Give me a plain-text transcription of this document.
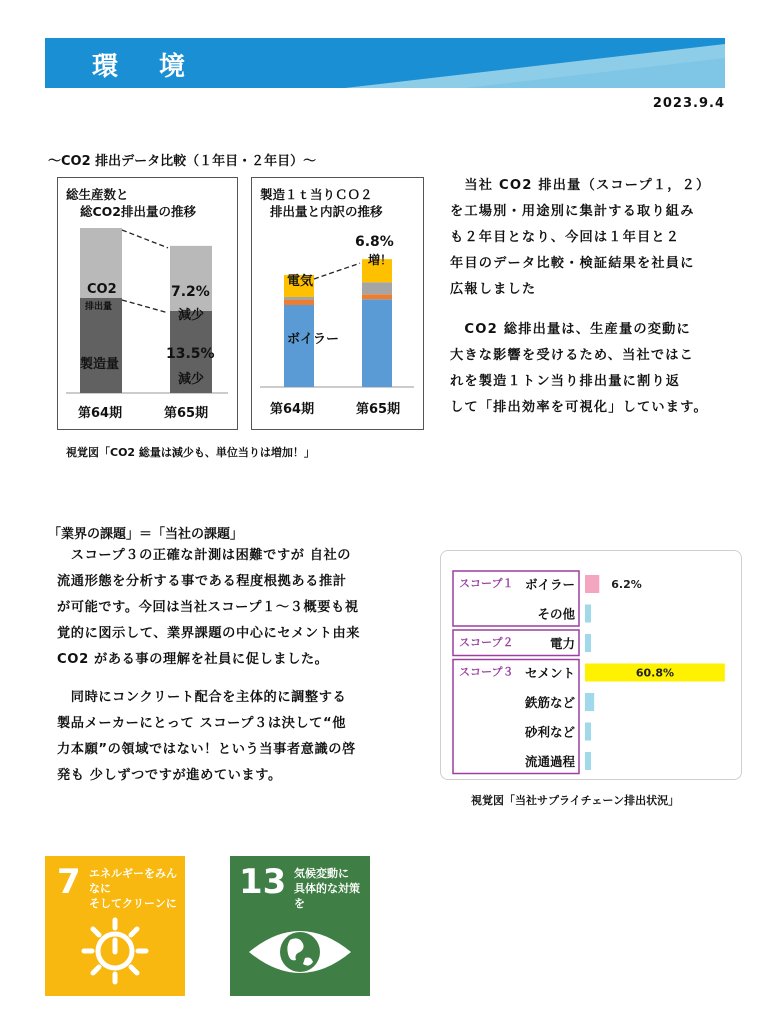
環 境
2023.9.4
～CO2 排出データ比較（１年目・２年目）～
総生産数と
総CO2排出量の推移
CO2
排出量
製造量
7.2%
減少
13.5%
減少
第64期	第65期
製造１ｔ当りＣＯ２
排出量と内訳の推移
電気
ボイラー
6.8%
増！
第64期	第65期
視覚図「CO2 総量は減少も、単位当りは増加！」
　当社 CO2 排出量（スコープ１，２）
を工場別・用途別に集計する取り組み
も２年目となり、今回は１年目と２
年目のデータ比較・検証結果を社員に
広報しました
　CO2 総排出量は、生産量の変動に
大きな影響を受けるため、当社ではこ
れを製造１トン当り排出量に割り返
して「排出効率を可視化」しています。
「業界の課題」＝「当社の課題」
　スコープ３の正確な計測は困難ですが 自社の
流通形態を分析する事である程度根拠ある推計
が可能です。今回は当社スコープ１～３概要も視
覚的に図示して、業界課題の中心にセメント由来
CO2 がある事の理解を社員に促しました。
　同時にコンクリート配合を主体的に調整する
製品メーカーにとって スコープ３は決して“他
力本願”の領域ではない！という当事者意識の啓
発も 少しずつですが進めています。
ボイラー	6.2%
その他
スコープ１
電力
スコープ２
セメント	60.8%
鉄筋など
砂利など
流通過程
スコープ３
視覚図「当社サプライチェーン排出状況」
7 エネルギーをみんなに
そしてクリーンに
13 気候変動に
具体的な対策を
